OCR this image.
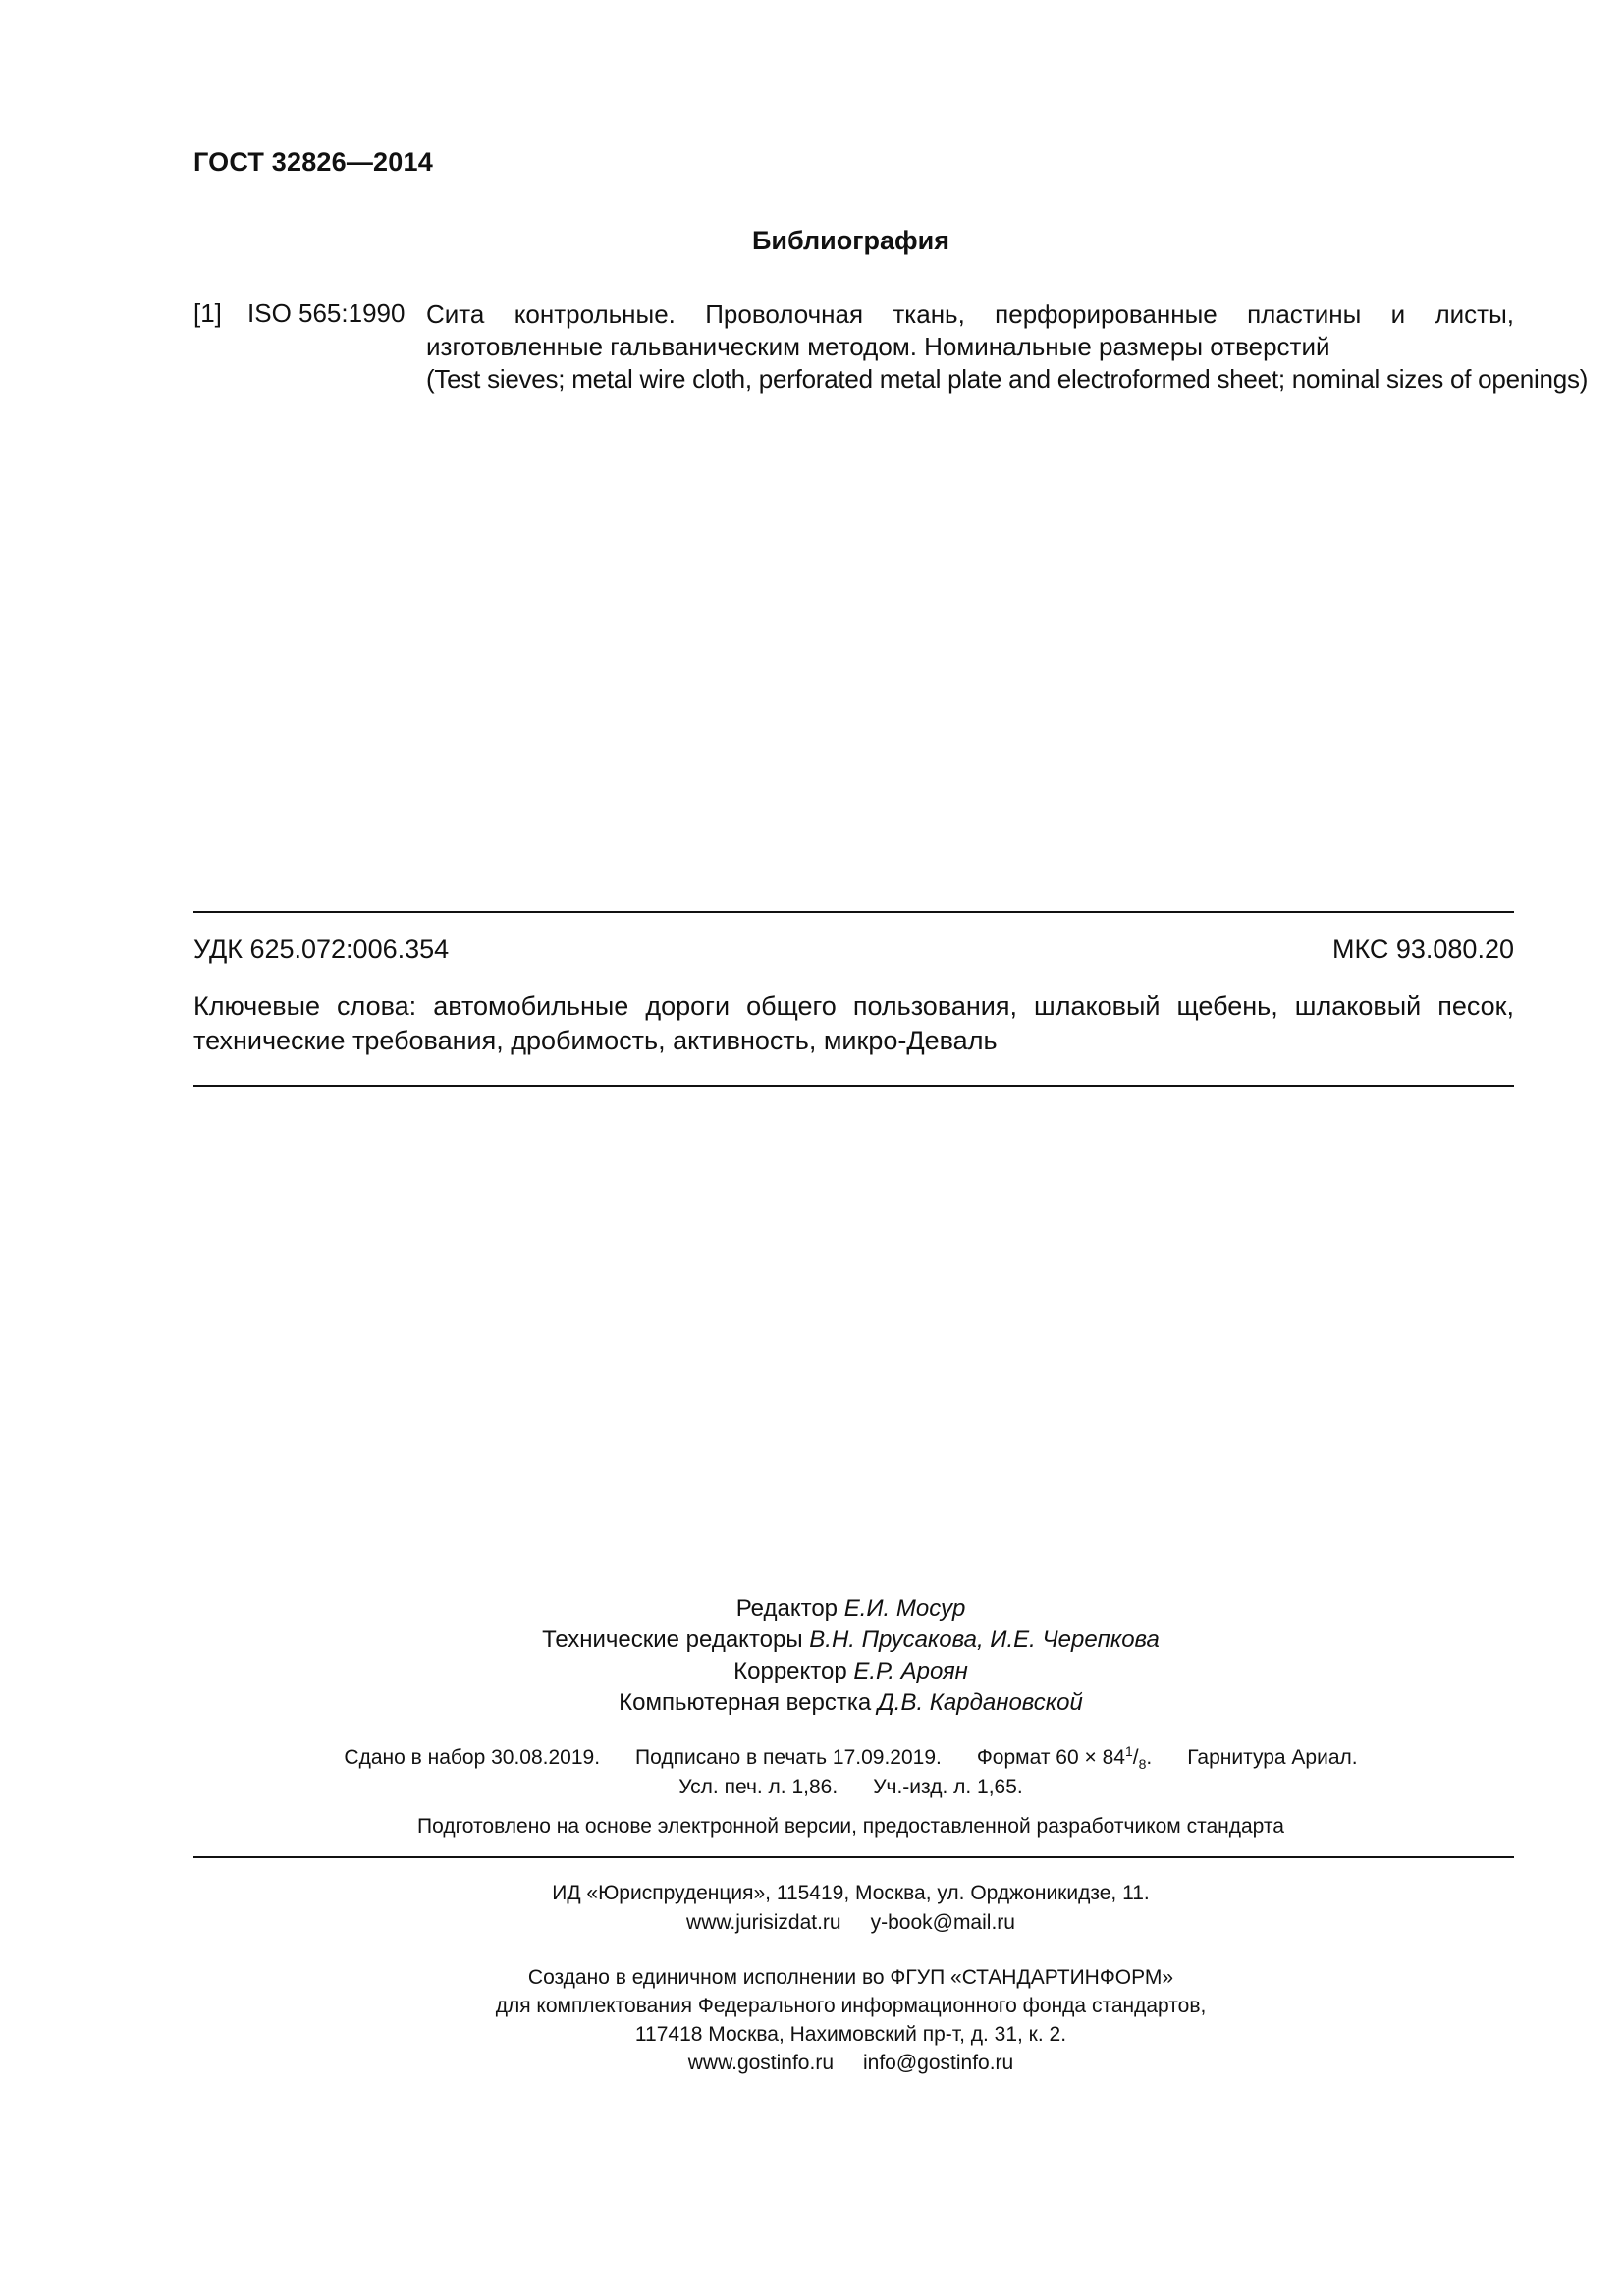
ГОСТ 32826—2014
Библиография
[1] ISO 565:1990 Сита контрольные. Проволочная ткань, перфорированные пластины и листы, изготовленные гальваническим методом. Номинальные размеры отверстий
(Test sieves; metal wire cloth, perforated metal plate and electroformed sheet; nominal sizes of openings)
УДК 625.072:006.354	МКС 93.080.20
Ключевые слова: автомобильные дороги общего пользования, шлаковый щебень, шлаковый песок, технические требования, дробимость, активность, микро-Деваль
Редактор Е.И. Мосур
Технические редакторы В.Н. Прусакова, И.Е. Черепкова
Корректор Е.Р. Ароян
Компьютерная верстка Д.В. Кардановской
Сдано в набор 30.08.2019. Подписано в печать 17.09.2019. Формат $60 \times 84^1/_8$. Гарнитура Ариал.
Усл. печ. л. 1,86. Уч.-изд. л. 1,65.
Подготовлено на основе электронной версии, предоставленной разработчиком стандарта
ИД «Юриспруденция», 115419, Москва, ул. Орджоникидзе, 11.
www.jurisizdat.ru y-book@mail.ru
Создано в единичном исполнении во ФГУП «СТАНДАРТИНФОРМ»
для комплектования Федерального информационного фонда стандартов,
117418 Москва, Нахимовский пр-т, д. 31, к. 2.
www.gostinfo.ru info@gostinfo.ru
